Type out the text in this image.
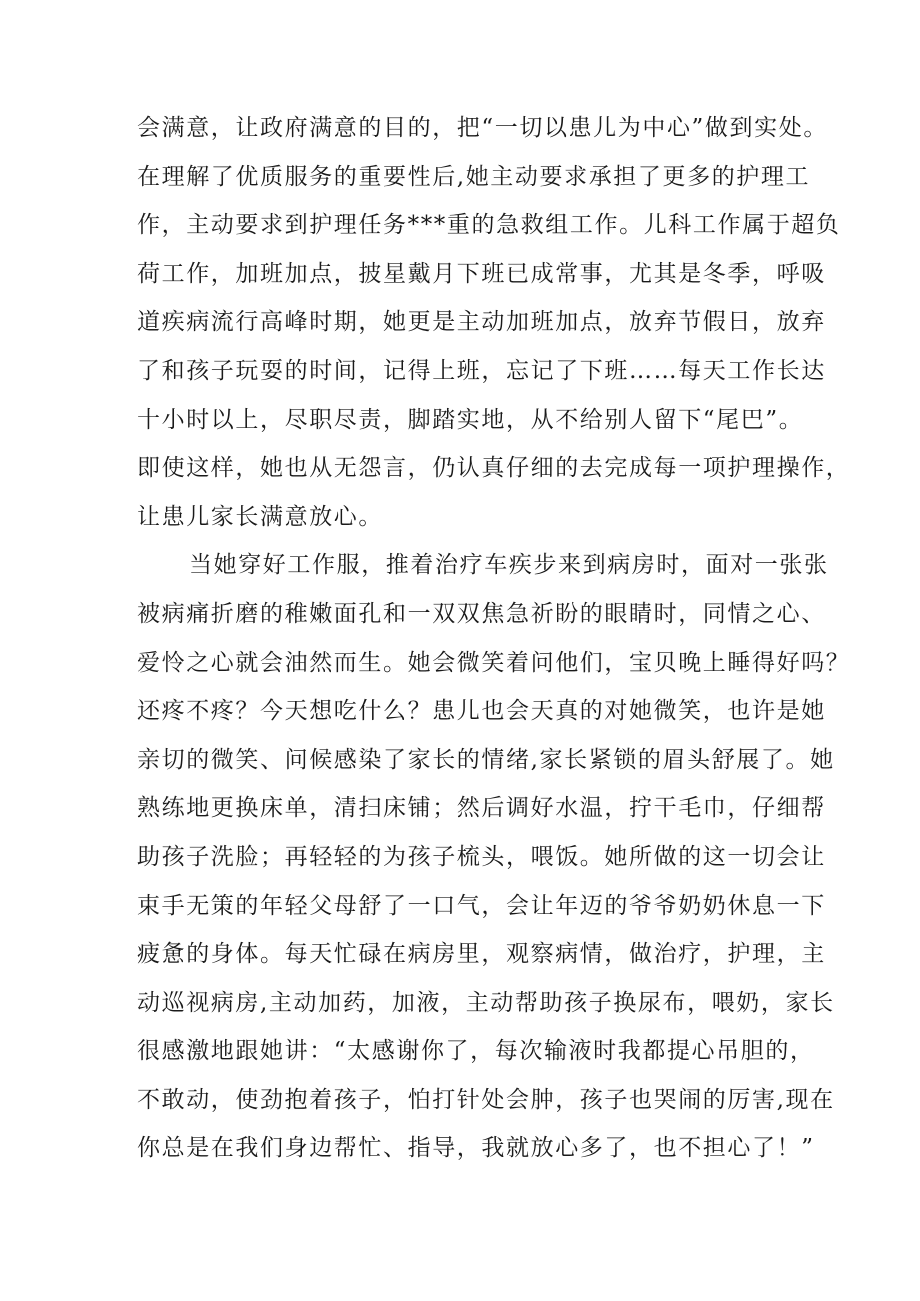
会满意，让政府满意的目的，把“一切以患儿为中心”做到实处。
在理解了优质服务的重要性后,她主动要求承担了更多的护理工
作，主动要求到护理任务***重的急救组工作。儿科工作属于超负
荷工作，加班加点，披星戴月下班已成常事，尤其是冬季，呼吸
道疾病流行高峰时期，她更是主动加班加点，放弃节假日，放弃
了和孩子玩耍的时间，记得上班，忘记了下班……每天工作长达
十小时以上，尽职尽责，脚踏实地，从不给别人留下“尾巴”。
即使这样，她也从无怨言，仍认真仔细的去完成每一项护理操作，
让患儿家长满意放心。
当她穿好工作服，推着治疗车疾步来到病房时，面对一张张
被病痛折磨的稚嫩面孔和一双双焦急祈盼的眼睛时，同情之心、
爱怜之心就会油然而生。她会微笑着问他们，宝贝晚上睡得好吗？
还疼不疼？今天想吃什么？患儿也会天真的对她微笑，也许是她
亲切的微笑、问候感染了家长的情绪,家长紧锁的眉头舒展了。她
熟练地更换床单，清扫床铺；然后调好水温，拧干毛巾，仔细帮
助孩子洗脸；再轻轻的为孩子梳头，喂饭。她所做的这一切会让
束手无策的年轻父母舒了一口气，会让年迈的爷爷奶奶休息一下
疲惫的身体。每天忙碌在病房里，观察病情，做治疗，护理，主
动巡视病房,主动加药，加液，主动帮助孩子换尿布，喂奶，家长
很感激地跟她讲：“太感谢你了，每次输液时我都提心吊胆的，
不敢动，使劲抱着孩子，怕打针处会肿，孩子也哭闹的厉害,现在
你总是在我们身边帮忙、指导，我就放心多了，也不担心了！”
